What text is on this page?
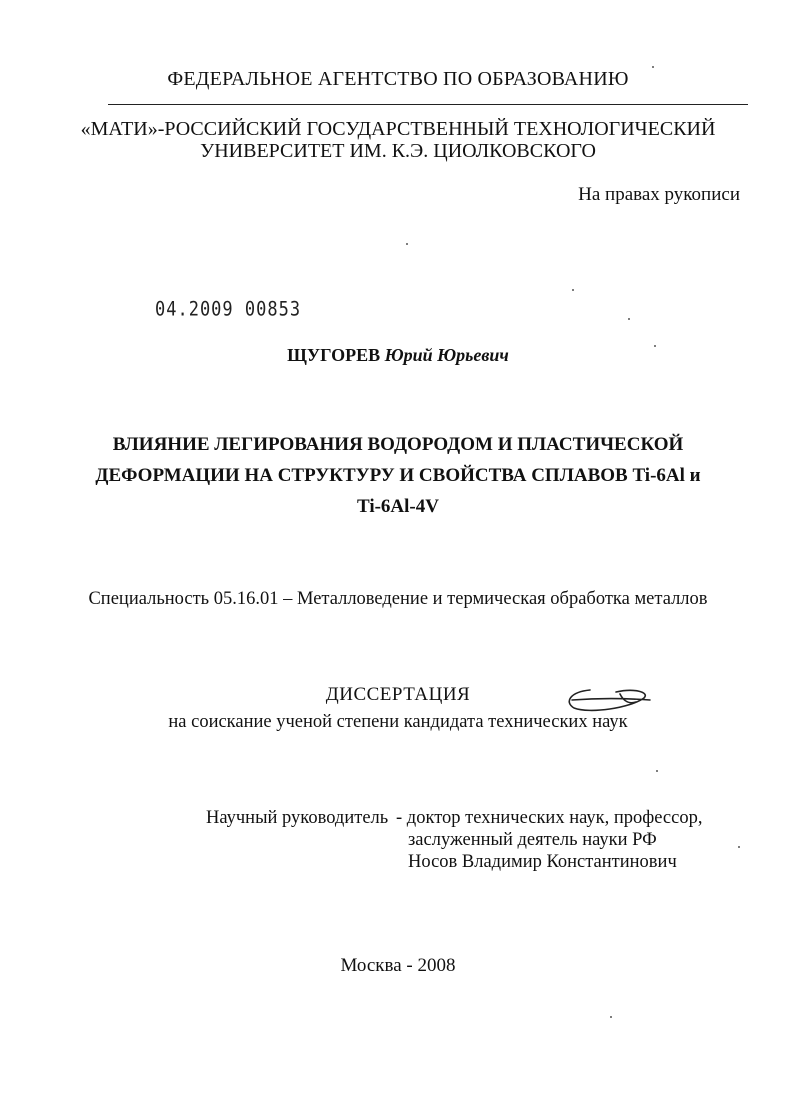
ФЕДЕРАЛЬНОЕ АГЕНТСТВО ПО ОБРАЗОВАНИЮ
«МАТИ»-РОССИЙСКИЙ ГОСУДАРСТВЕННЫЙ ТЕХНОЛОГИЧЕСКИЙ
УНИВЕРСИТЕТ ИМ. К.Э. ЦИОЛКОВСКОГО
На правах рукописи
04.2009 00853
ЩУГОРЕВ Юрий Юрьевич
ВЛИЯНИЕ ЛЕГИРОВАНИЯ ВОДОРОДОМ И ПЛАСТИЧЕСКОЙ
ДЕФОРМАЦИИ НА СТРУКТУРУ И СВОЙСТВА СПЛАВОВ Ti-6Al и
Ti-6Al-4V
Специальность 05.16.01 – Металловедение и термическая обработка металлов
ДИССЕРТАЦИЯ
на соискание ученой степени кандидата технических наук
Научный руководитель - доктор технических наук, профессор,
заслуженный деятель науки РФ
Носов Владимир Константинович
Москва - 2008
